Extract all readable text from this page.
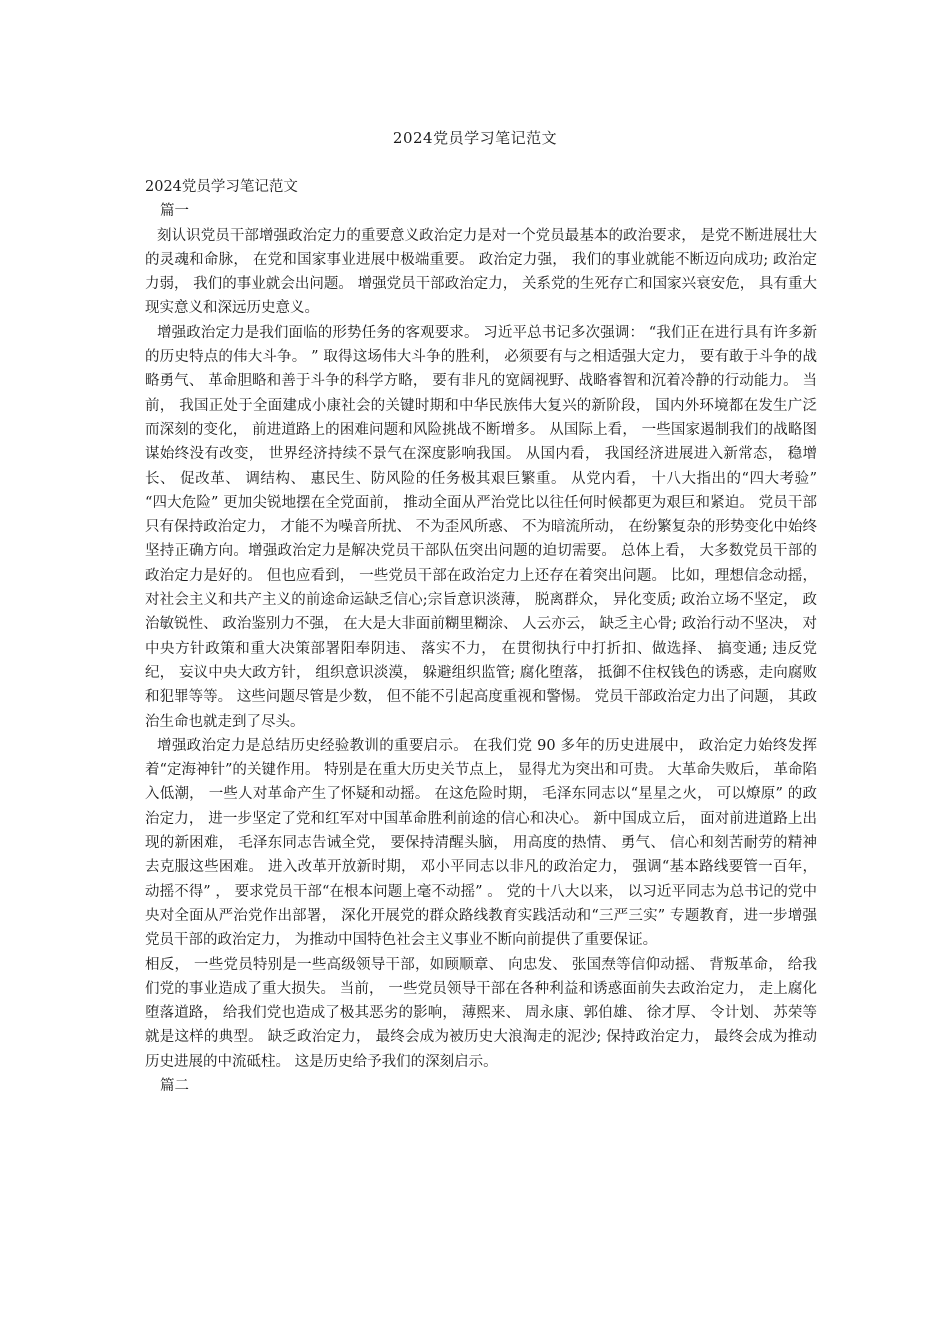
2024党员学习笔记范文

2024党员学习笔记范文

篇一

刻认识党员干部增强政治定力的重要意义政治定力是对一个党员最基本的政治要求， 是党不断进展壮大的灵魂和命脉， 在党和国家事业进展中极端重要。 政治定力强， 我们的事业就能不断迈向成功; 政治定力弱， 我们的事业就会出问题。 增强党员干部政治定力， 关系党的生死存亡和国家兴衰安危， 具有重大现实意义和深远历史意义。

增强政治定力是我们面临的形势任务的客观要求。 习近平总书记多次强调： “我们正在进行具有许多新的历史特点的伟大斗争。 ” 取得这场伟大斗争的胜利， 必须要有与之相适强大定力， 要有敢于斗争的战略勇气、 革命胆略和善于斗争的科学方略， 要有非凡的宽阔视野、战略睿智和沉着冷静的行动能力。 当前， 我国正处于全面建成小康社会的关键时期和中华民族伟大复兴的新阶段， 国内外环境都在发生广泛而深刻的变化， 前进道路上的困难问题和风险挑战不断增多。 从国际上看， 一些国家遏制我们的战略图谋始终没有改变， 世界经济持续不景气在深度影响我国。 从国内看， 我国经济进展进入新常态， 稳增长、 促改革、 调结构、 惠民生、防风险的任务极其艰巨繁重。 从党内看， 十八大指出的“四大考验” “四大危险” 更加尖锐地摆在全党面前， 推动全面从严治党比以往任何时候都更为艰巨和紧迫。 党员干部只有保持政治定力， 才能不为噪音所扰、 不为歪风所惑、 不为暗流所动， 在纷繁复杂的形势变化中始终坚持正确方向。增强政治定力是解决党员干部队伍突出问题的迫切需要。 总体上看， 大多数党员干部的政治定力是好的。 但也应看到， 一些党员干部在政治定力上还存在着突出问题。 比如，理想信念动摇， 对社会主义和共产主义的前途命运缺乏信心;宗旨意识淡薄， 脱离群众， 异化变质; 政治立场不坚定， 政治敏锐性、 政治鉴别力不强， 在大是大非面前糊里糊涂、 人云亦云， 缺乏主心骨; 政治行动不坚决， 对中央方针政策和重大决策部署阳奉阴违、 落实不力， 在贯彻执行中打折扣、做选择、 搞变通; 违反党纪， 妄议中央大政方针， 组织意识淡漠， 躲避组织监管; 腐化堕落， 抵御不住权钱色的诱惑，走向腐败和犯罪等等。 这些问题尽管是少数， 但不能不引起高度重视和警惕。 党员干部政治定力出了问题， 其政治生命也就走到了尽头。

增强政治定力是总结历史经验教训的重要启示。 在我们党 90 多年的历史进展中， 政治定力始终发挥着“定海神针”的关键作用。 特别是在重大历史关节点上， 显得尤为突出和可贵。 大革命失败后， 革命陷入低潮， 一些人对革命产生了怀疑和动摇。 在这危险时期， 毛泽东同志以“星星之火， 可以燎原” 的政治定力， 进一步坚定了党和红军对中国革命胜利前途的信心和决心。 新中国成立后， 面对前进道路上出现的新困难， 毛泽东同志告诫全党， 要保持清醒头脑， 用高度的热情、 勇气、 信心和刻苦耐劳的精神去克服这些困难。 进入改革开放新时期， 邓小平同志以非凡的政治定力， 强调“基本路线要管一百年， 动摇不得” ， 要求党员干部“在根本问题上毫不动摇” 。 党的十八大以来， 以习近平同志为总书记的党中央对全面从严治党作出部署， 深化开展党的群众路线教育实践活动和“三严三实” 专题教育，进一步增强党员干部的政治定力， 为推动中国特色社会主义事业不断向前提供了重要保证。

相反， 一些党员特别是一些高级领导干部，如顾顺章、 向忠发、 张国焘等信仰动摇、 背叛革命， 给我们党的事业造成了重大损失。 当前， 一些党员领导干部在各种利益和诱惑面前失去政治定力， 走上腐化堕落道路， 给我们党也造成了极其恶劣的影响， 薄熙来、 周永康、郭伯雄、 徐才厚、 令计划、 苏荣等就是这样的典型。 缺乏政治定力， 最终会成为被历史大浪淘走的泥沙; 保持政治定力， 最终会成为推动历史进展的中流砥柱。 这是历史给予我们的深刻启示。

篇二
